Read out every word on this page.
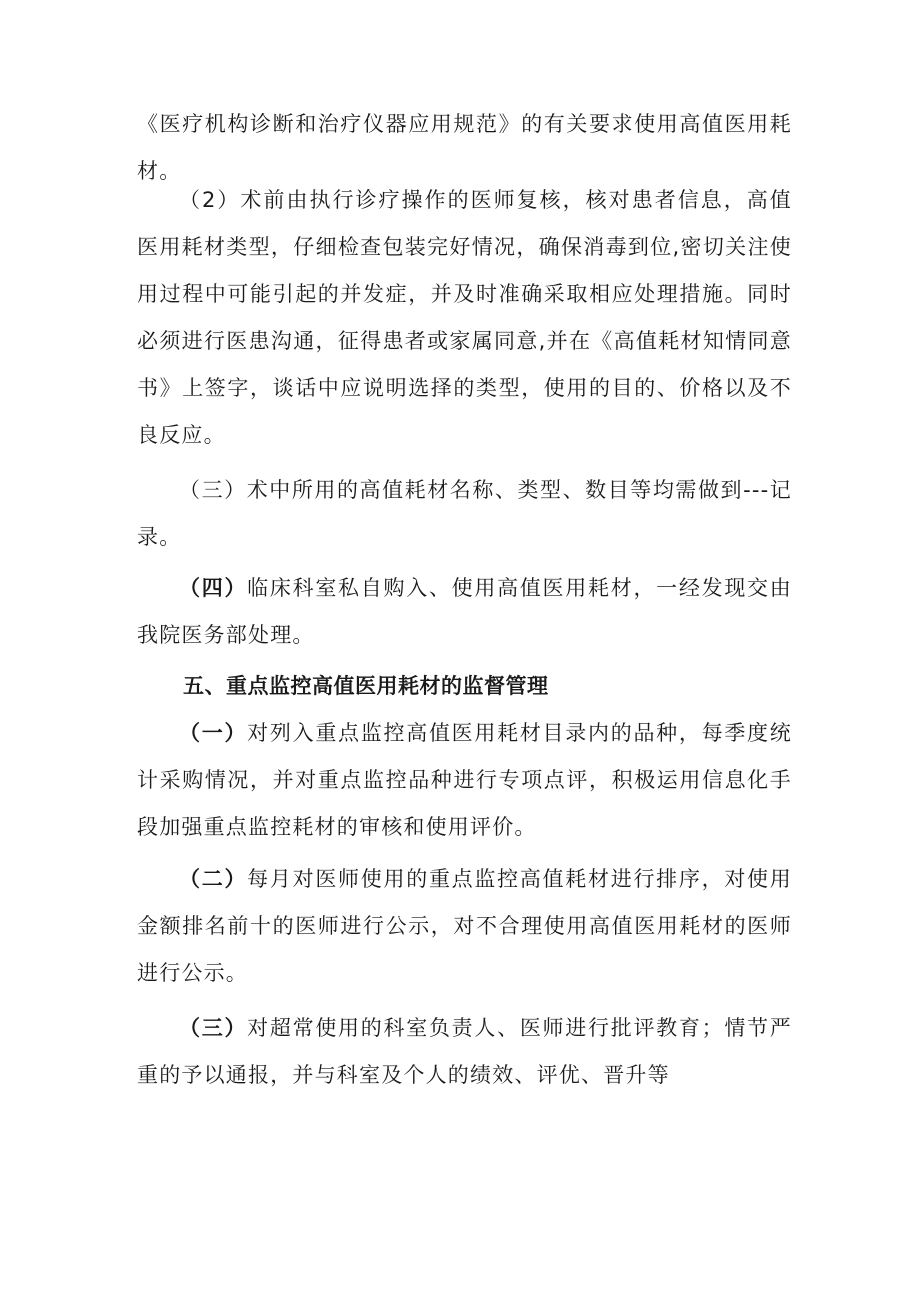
《医疗机构诊断和治疗仪器应用规范》的有关要求使用高值医用耗材。

（2）术前由执行诊疗操作的医师复核，核对患者信息，高值医用耗材类型，仔细检查包装完好情况，确保消毒到位,密切关注使用过程中可能引起的并发症，并及时准确采取相应处理措施。同时必须进行医患沟通，征得患者或家属同意,并在《高值耗材知情同意书》上签字，谈话中应说明选择的类型，使用的目的、价格以及不良反应。

（三）术中所用的高值耗材名称、类型、数目等均需做到---记录。

（四）临床科室私自购入、使用高值医用耗材，一经发现交由我院医务部处理。

五、重点监控高值医用耗材的监督管理

（一）对列入重点监控高值医用耗材目录内的品种，每季度统计采购情况，并对重点监控品种进行专项点评，积极运用信息化手段加强重点监控耗材的审核和使用评价。

（二）每月对医师使用的重点监控高值耗材进行排序，对使用金额排名前十的医师进行公示，对不合理使用高值医用耗材的医师进行公示。

（三）对超常使用的科室负责人、医师进行批评教育；情节严重的予以通报，并与科室及个人的绩效、评优、晋升等
